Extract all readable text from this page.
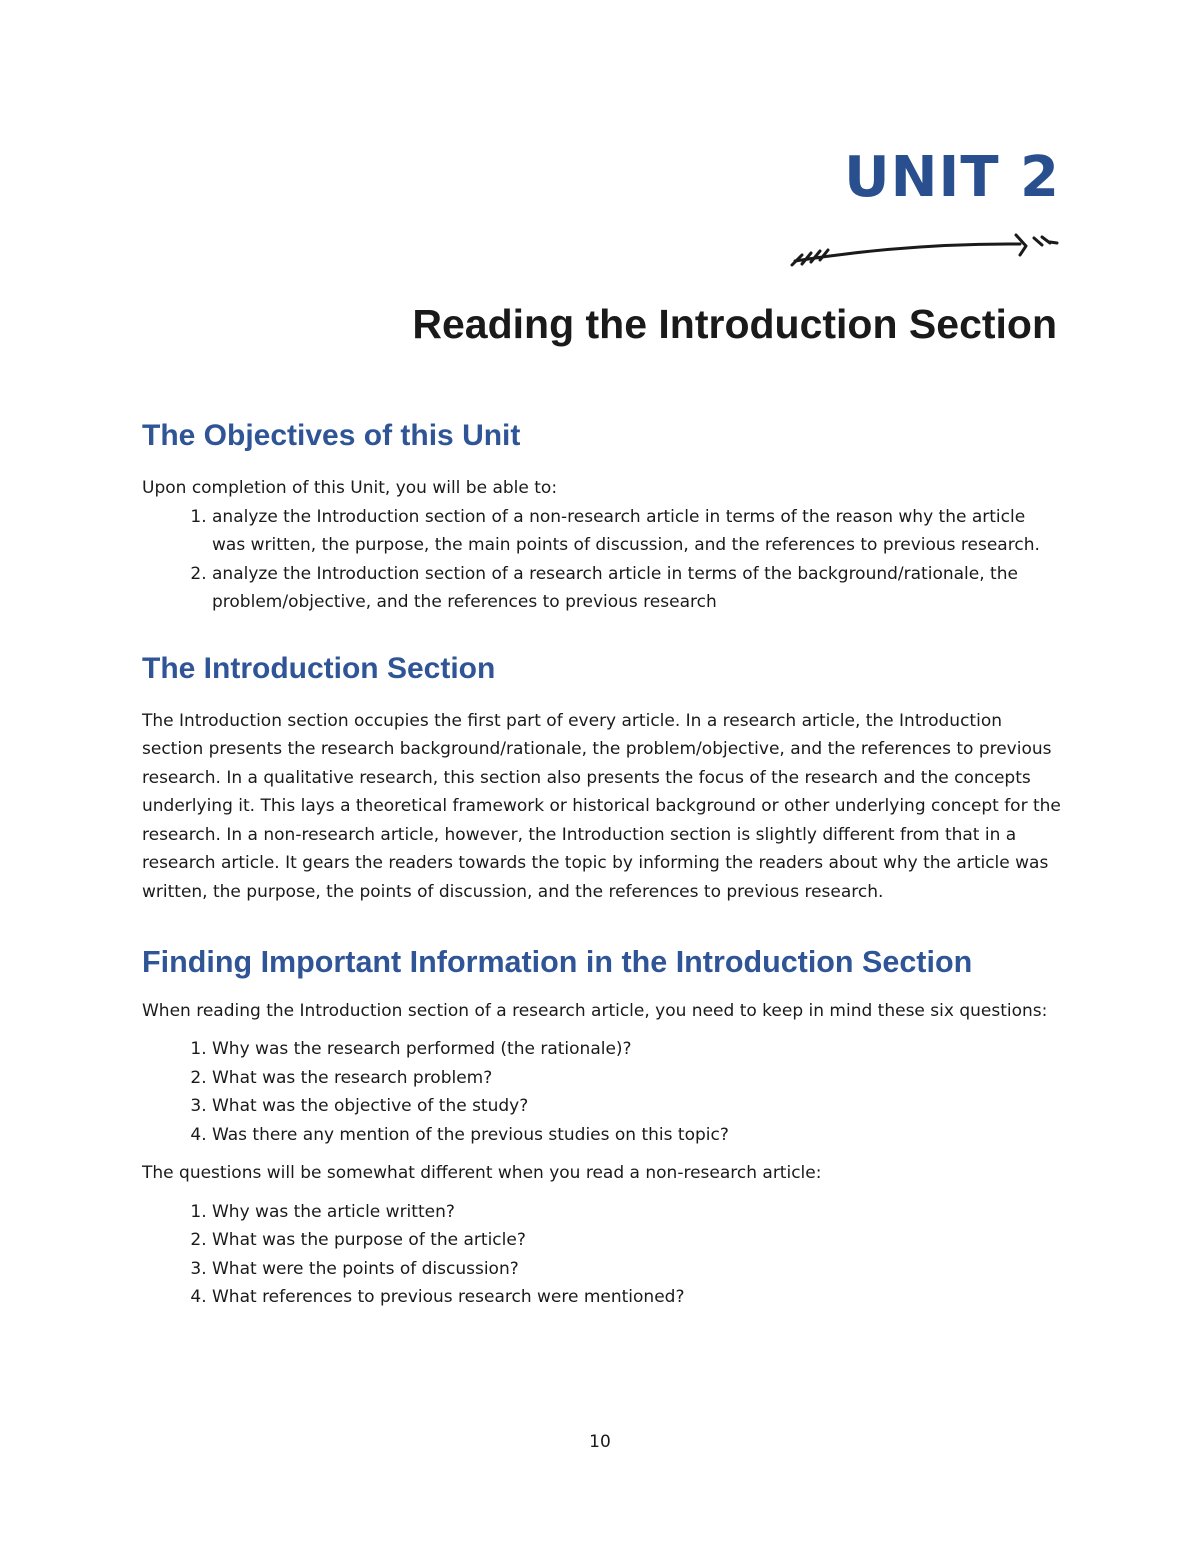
UNIT 2
Reading the Introduction Section
The Objectives of this Unit

Upon completion of this Unit, you will be able to:

1. analyze the Introduction section of a non-research article in terms of the reason why the article was written, the purpose, the main points of discussion, and the references to previous research.
2. analyze the Introduction section of a research article in terms of the background/rationale, the problem/objective, and the references to previous research
The Introduction Section

The Introduction section occupies the first part of every article. In a research article, the Introduction section presents the research background/rationale, the problem/objective, and the references to previous research. In a qualitative research, this section also presents the focus of the research and the concepts underlying it. This lays a theoretical framework or historical background or other underlying concept for the research. In a non-research article, however, the Introduction section is slightly different from that in a research article. It gears the readers towards the topic by informing the readers about why the article was written, the purpose, the points of discussion, and the references to previous research.

Finding Important Information in the Introduction Section

When reading the Introduction section of a research article, you need to keep in mind these six questions:

1. Why was the research performed (the rationale)?
2. What was the research problem?
3. What was the objective of the study?
4. Was there any mention of the previous studies on this topic?

The questions will be somewhat different when you read a non-research article:

1. Why was the article written?
2. What was the purpose of the article?
3. What were the points of discussion?
4. What references to previous research were mentioned?
10
